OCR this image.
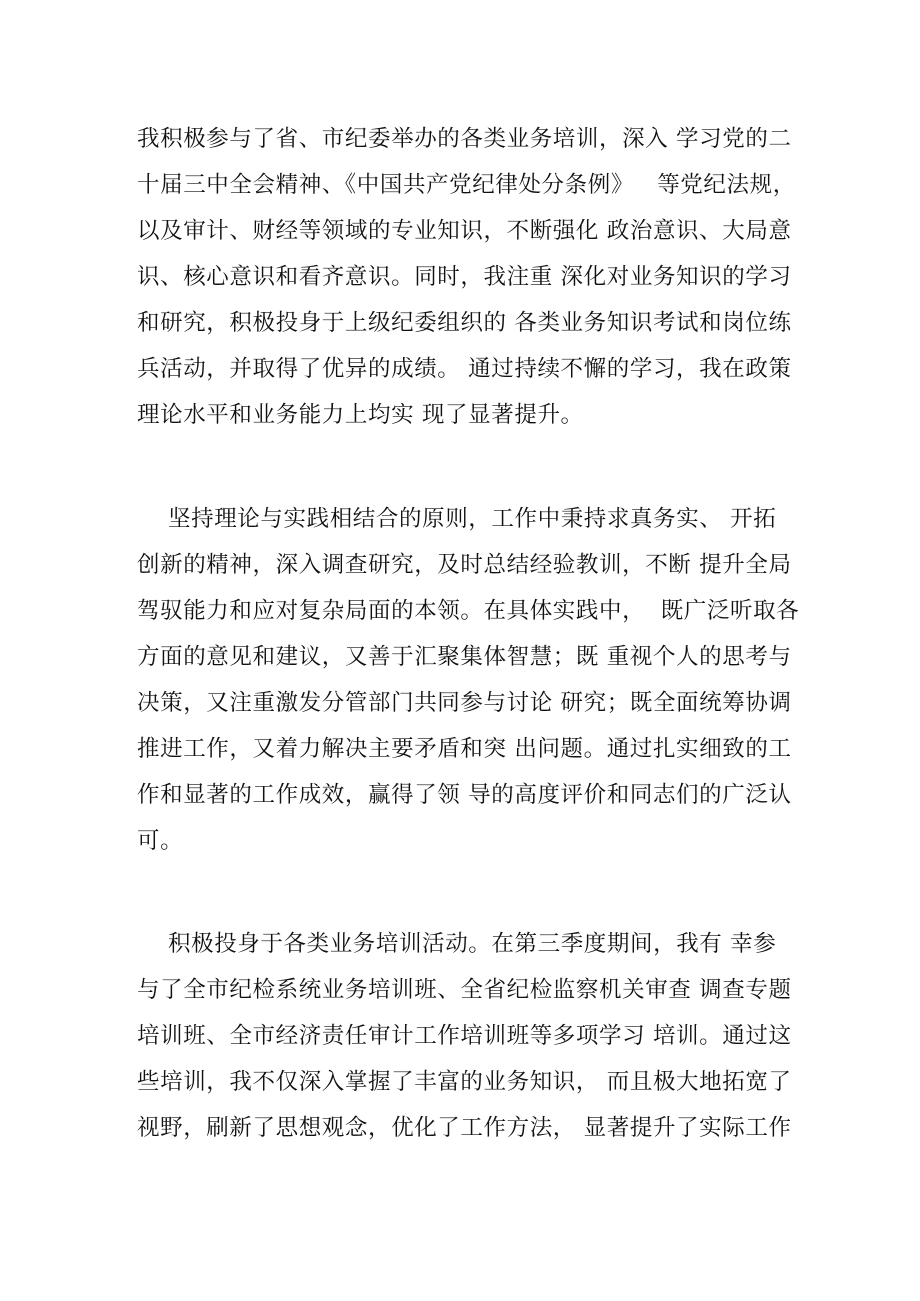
我积极参与了省、市纪委举办的各类业务培训，深入 学习党的二
十届三中全会精神、《中国共产党纪律处分条例》   等党纪法规，
以及审计、财经等领域的专业知识，不断强化 政治意识、大局意
识、核心意识和看齐意识。同时，我注重 深化对业务知识的学习
和研究，积极投身于上级纪委组织的 各类业务知识考试和岗位练
兵活动，并取得了优异的成绩。 通过持续不懈的学习，我在政策
理论水平和业务能力上均实 现了显著提升。
坚持理论与实践相结合的原则，工作中秉持求真务实、 开拓
创新的精神，深入调查研究，及时总结经验教训，不断 提升全局
驾驭能力和应对复杂局面的本领。在具体实践中，  既广泛听取各
方面的意见和建议，又善于汇聚集体智慧；既 重视个人的思考与
决策，又注重激发分管部门共同参与讨论 研究；既全面统筹协调
推进工作，又着力解决主要矛盾和突 出问题。通过扎实细致的工
作和显著的工作成效，赢得了领 导的高度评价和同志们的广泛认
可。
积极投身于各类业务培训活动。在第三季度期间，我有 幸参
与了全市纪检系统业务培训班、全省纪检监察机关审查 调查专题
培训班、全市经济责任审计工作培训班等多项学习 培训。通过这
些培训，我不仅深入掌握了丰富的业务知识， 而且极大地拓宽了
视野，刷新了思想观念，优化了工作方法， 显著提升了实际工作
